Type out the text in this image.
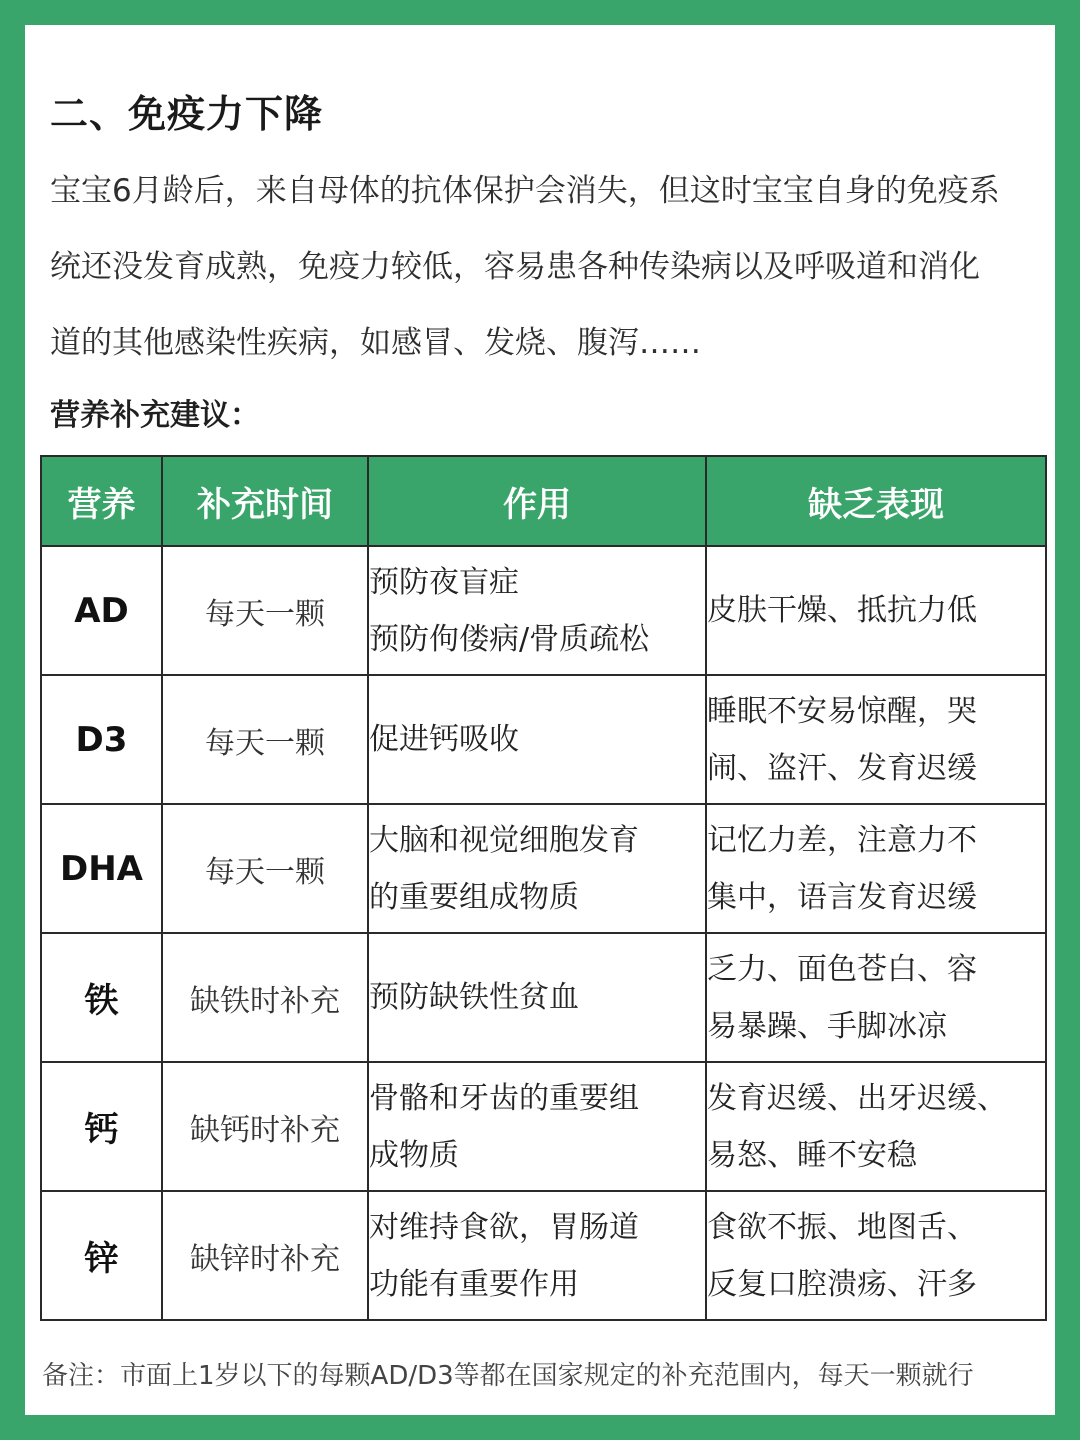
二、免疫力下降

宝宝6月龄后，来自母体的抗体保护会消失，但这时宝宝自身的免疫系

统还没发育成熟，免疫力较低，容易患各种传染病以及呼吸道和消化

道的其他感染性疾病，如感冒、发烧、腹泻……

营养补充建议：
营养	补充时间	作用	缺乏表现
AD	每天一颗	预防夜盲症
预防佝偻病/骨质疏松	皮肤干燥、抵抗力低

D3	每天一颗	促进钙吸收	睡眠不安易惊醒，哭
闹、盗汗、发育迟缓

DHA	每天一颗	大脑和视觉细胞发育
的重要组成物质	记忆力差，注意力不
集中，语言发育迟缓

铁	缺铁时补充	预防缺铁性贫血	乏力、面色苍白、容
易暴躁、手脚冰凉

钙	缺钙时补充	骨骼和牙齿的重要组
成物质	发育迟缓、出牙迟缓、
易怒、睡不安稳

锌	缺锌时补充	对维持食欲，胃肠道
功能有重要作用	食欲不振、地图舌、
反复口腔溃疡、汗多
备注：市面上1岁以下的每颗AD/D3等都在国家规定的补充范围内，每天一颗就行
